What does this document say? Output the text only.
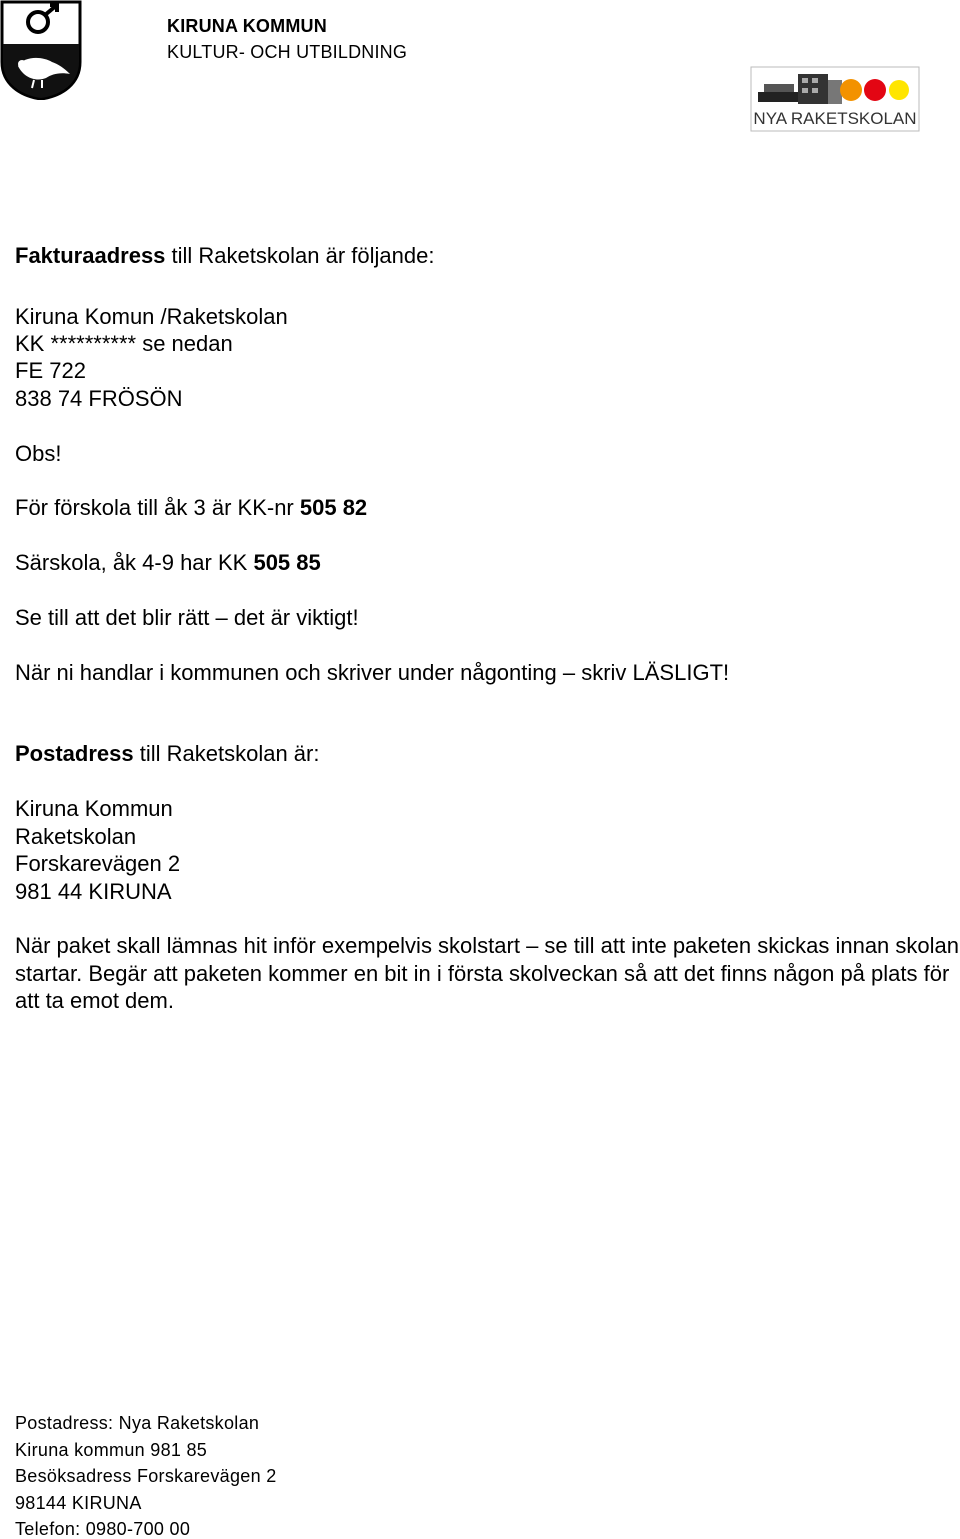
KIRUNA KOMMUN
KULTUR- OCH UTBILDNING
NYA RAKETSKOLAN
Fakturaadress till Raketskolan är följande:
Kiruna Komun /Raketskolan
KK ********** se nedan
FE 722
838 74 FRÖSÖN
Obs!
För förskola till åk 3 är KK-nr 505 82
Särskola, åk 4-9 har KK 505 85
Se till att det blir rätt – det är viktigt!
När ni handlar i kommunen och skriver under någonting – skriv LÄSLIGT!
Postadress till Raketskolan är:
Kiruna Kommun
Raketskolan
Forskarevägen 2
981 44 KIRUNA
När paket skall lämnas hit inför exempelvis skolstart – se till att inte paketen skickas innan skolan startar. Begär att paketen kommer en bit in i första skolveckan så att det finns någon på plats för att ta emot dem.
Postadress: Nya Raketskolan
Kiruna kommun 981 85
Besöksadress Forskarevägen 2
98144 KIRUNA
Telefon: 0980-700 00
